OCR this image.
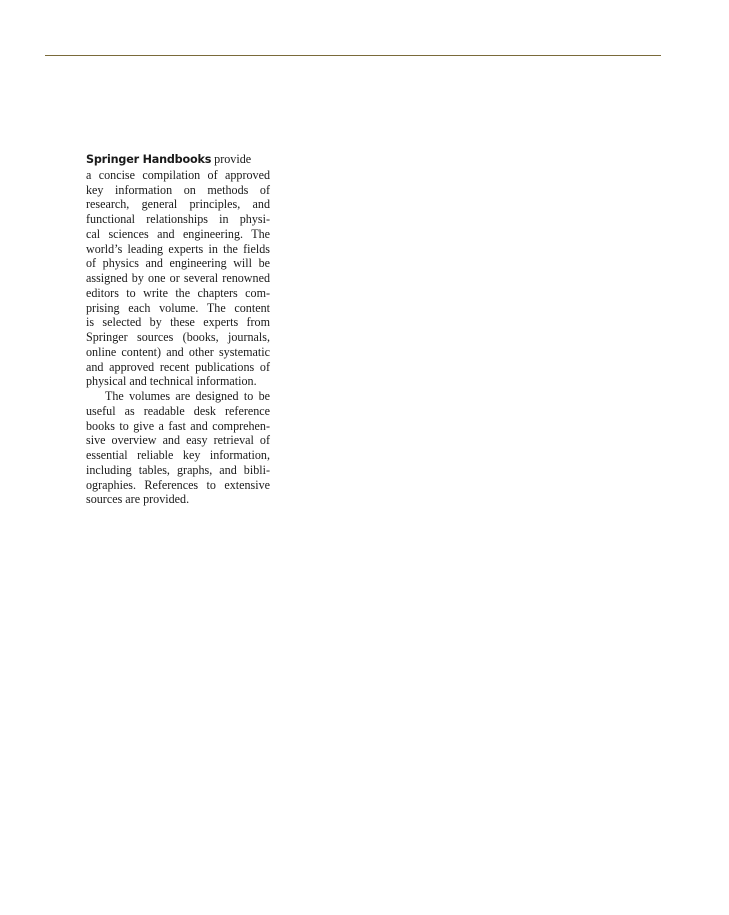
Springer Handbooks provide
a concise compilation of approved
key information on methods of
research, general principles, and
functional relationships in physi-
cal sciences and engineering. The
world’s leading experts in the fields
of physics and engineering will be
assigned by one or several renowned
editors to write the chapters com-
prising each volume. The content
is selected by these experts from
Springer sources (books, journals,
online content) and other systematic
and approved recent publications of
physical and technical information.
The volumes are designed to be
useful as readable desk reference
books to give a fast and comprehen-
sive overview and easy retrieval of
essential reliable key information,
including tables, graphs, and bibli-
ographies. References to extensive
sources are provided.
